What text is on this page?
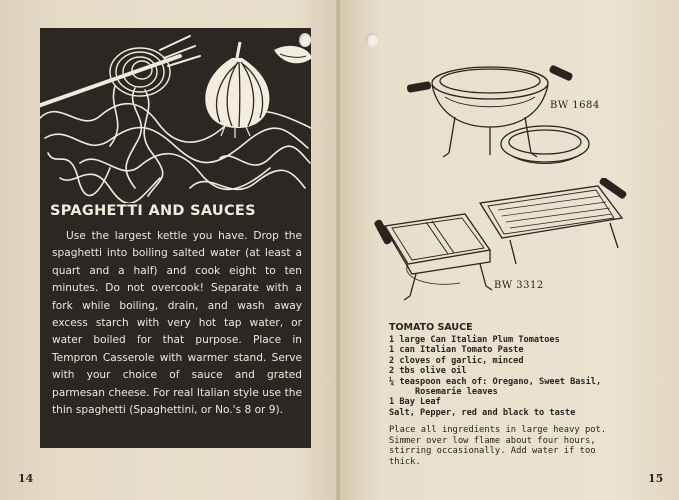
SPAGHETTI AND SAUCES
Use the largest kettle you have. Drop the spaghetti into boiling salted water (at least a quart and a half) and cook eight to ten minutes. Do not overcook! Separate with a fork while boiling, drain, and wash away excess starch with very hot tap water, or water boiled for that purpose. Place in Tempron Casserole with warmer stand. Serve with your choice of sauce and grated parmesan cheese. For real Italian style use the thin spaghetti (Spaghettini, or No.'s 8 or 9).
14	15
BW 1684
BW 3312
TOMATO SAUCE
1 large Can Italian Plum Tomatoes
1 can Italian Tomato Paste
2 cloves of garlic, minced
2 tbs olive oil
¼ teaspoon each of: Oregano, Sweet Basil,
Rosemarie leaves
1 Bay Leaf
Salt, Pepper, red and black to taste
Place all ingredients in large heavy pot. Simmer over low flame about four hours, stirring occasionally. Add water if too thick.
